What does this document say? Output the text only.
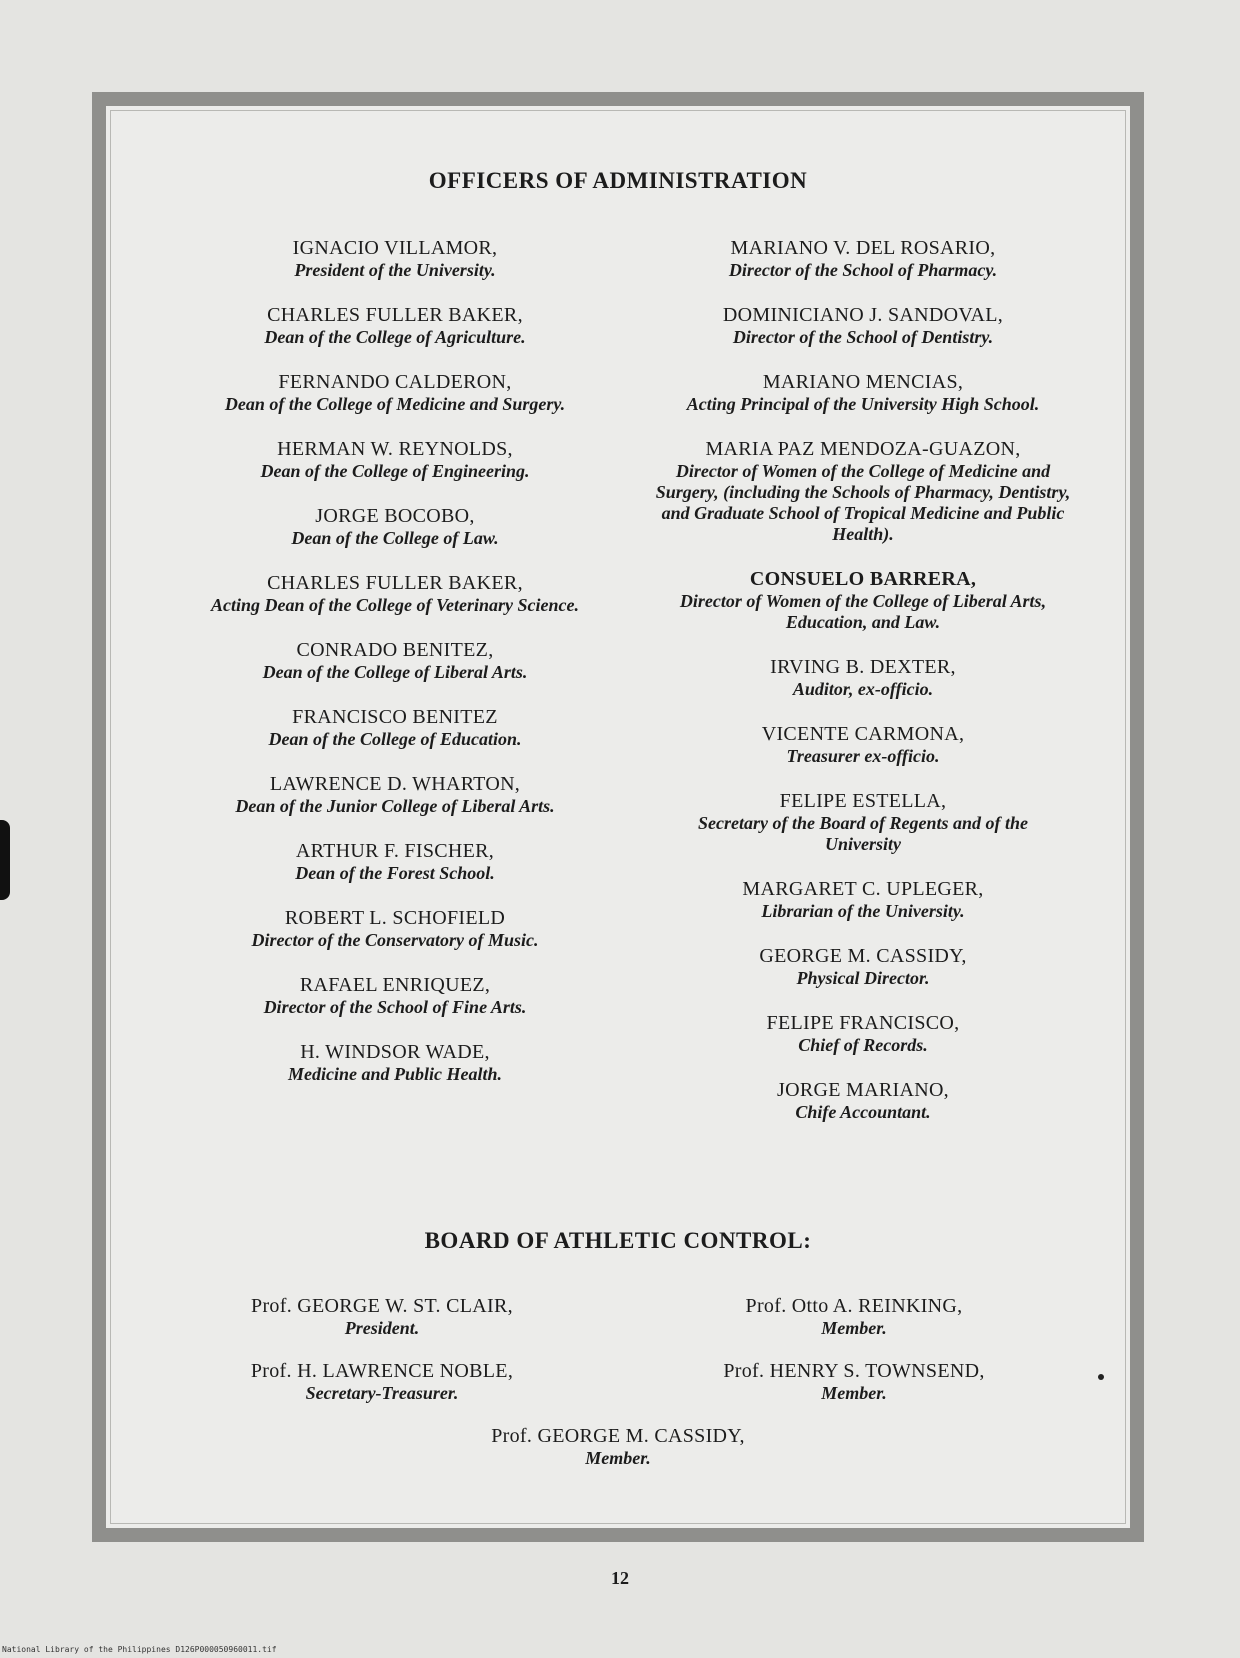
OFFICERS OF ADMINISTRATION
IGNACIO VILLAMOR,
President of the University.
CHARLES FULLER BAKER,
Dean of the College of Agriculture.
FERNANDO CALDERON,
Dean of the College of Medicine and Surgery.
HERMAN W. REYNOLDS,
Dean of the College of Engineering.
JORGE BOCOBO,
Dean of the College of Law.
CHARLES FULLER BAKER,
Acting Dean of the College of Veterinary Science.
CONRADO BENITEZ,
Dean of the College of Liberal Arts.
FRANCISCO BENITEZ
Dean of the College of Education.
LAWRENCE D. WHARTON,
Dean of the Junior College of Liberal Arts.
ARTHUR F. FISCHER,
Dean of the Forest School.
ROBERT L. SCHOFIELD
Director of the Conservatory of Music.
RAFAEL ENRIQUEZ,
Director of the School of Fine Arts.
H. WINDSOR WADE,
Medicine and Public Health.
MARIANO V. DEL ROSARIO,
Director of the School of Pharmacy.
DOMINICIANO J. SANDOVAL,
Director of the School of Dentistry.
MARIANO MENCIAS,
Acting Principal of the University High School.
MARIA PAZ MENDOZA-GUAZON,
Director of Women of the College of Medicine and Surgery, (including the Schools of Pharmacy, Dentistry, and Graduate School of Tropical Medicine and Public Health).
CONSUELO BARRERA,
Director of Women of the College of Liberal Arts, Education, and Law.
IRVING B. DEXTER,
Auditor, ex-officio.
VICENTE CARMONA,
Treasurer ex-officio.
FELIPE ESTELLA,
Secretary of the Board of Regents and of the University
MARGARET C. UPLEGER,
Librarian of the University.
GEORGE M. CASSIDY,
Physical Director.
FELIPE FRANCISCO,
Chief of Records.
JORGE MARIANO,
Chife Accountant.
BOARD OF ATHLETIC CONTROL:
Prof. GEORGE W. ST. CLAIR,
President.
Prof. Otto A. REINKING,
Member.
Prof. H. LAWRENCE NOBLE,
Secretary-Treasurer.
Prof. HENRY S. TOWNSEND,
Member.
Prof. GEORGE M. CASSIDY,
Member.
12
National Library of the Philippines D126P000050960011.tif
